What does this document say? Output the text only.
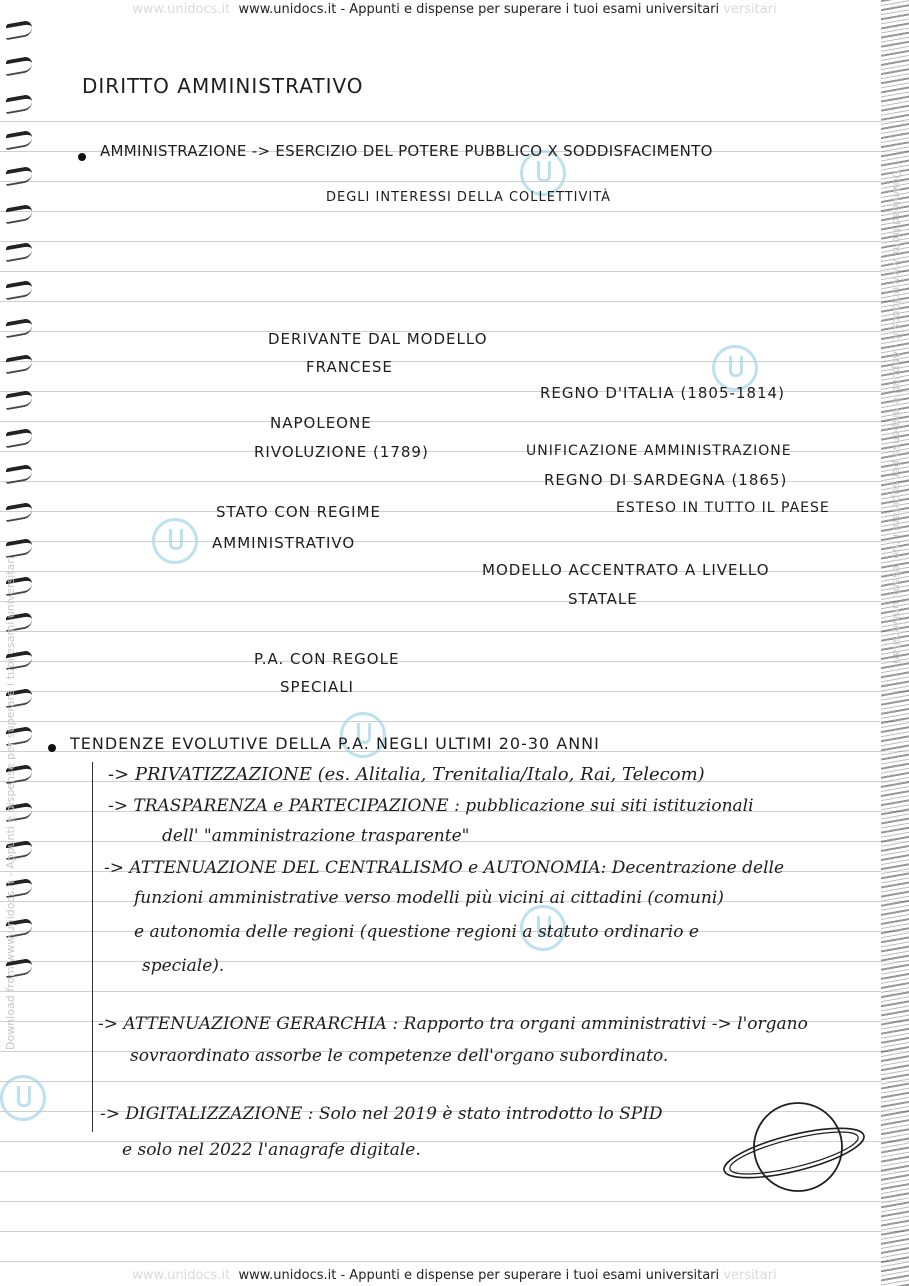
www.unidocs.it www.unidocs.it - Appunti e dispense per superare i tuoi esami universitari versitari
www.unidocs.it www.unidocs.it - Appunti e dispense per superare i tuoi esami universitari versitari
Download from www.unidocs.it - Appunti e dispense per superare i tuoi esami universitari
Download from www.unidocs.it - Appunti e dispense per superare i tuoi esami universitari
DIRITTO AMMINISTRATIVO
AMMINISTRAZIONE -> ESERCIZIO DEL POTERE PUBBLICO X SODDISFACIMENTO
DEGLI INTERESSI DELLA COLLETTIVITÀ
DERIVANTE DAL MODELLO
FRANCESE
NAPOLEONE
RIVOLUZIONE (1789)
STATO CON REGIME
AMMINISTRATIVO
P.A. CON REGOLE
SPECIALI
REGNO D'ITALIA (1805-1814)
UNIFICAZIONE AMMINISTRAZIONE
REGNO DI SARDEGNA (1865)
ESTESO IN TUTTO IL PAESE
MODELLO ACCENTRATO A LIVELLO
STATALE
TENDENZE EVOLUTIVE DELLA P.A. NEGLI ULTIMI 20-30 ANNI
-> PRIVATIZZAZIONE (es. Alitalia, Trenitalia/Italo, Rai, Telecom)
-> TRASPARENZA e PARTECIPAZIONE : pubblicazione sui siti istituzionali
dell' "amministrazione trasparente"
-> ATTENUAZIONE DEL CENTRALISMO e AUTONOMIA: Decentrazione delle
funzioni amministrative verso modelli più vicini ai cittadini (comuni)
e autonomia delle regioni (questione regioni a statuto ordinario e
speciale).
-> ATTENUAZIONE GERARCHIA : Rapporto tra organi amministrativi -> l'organo
sovraordinato assorbe le competenze dell'organo subordinato.
-> DIGITALIZZAZIONE : Solo nel 2019 è stato introdotto lo SPID
e solo nel 2022 l'anagrafe digitale.
